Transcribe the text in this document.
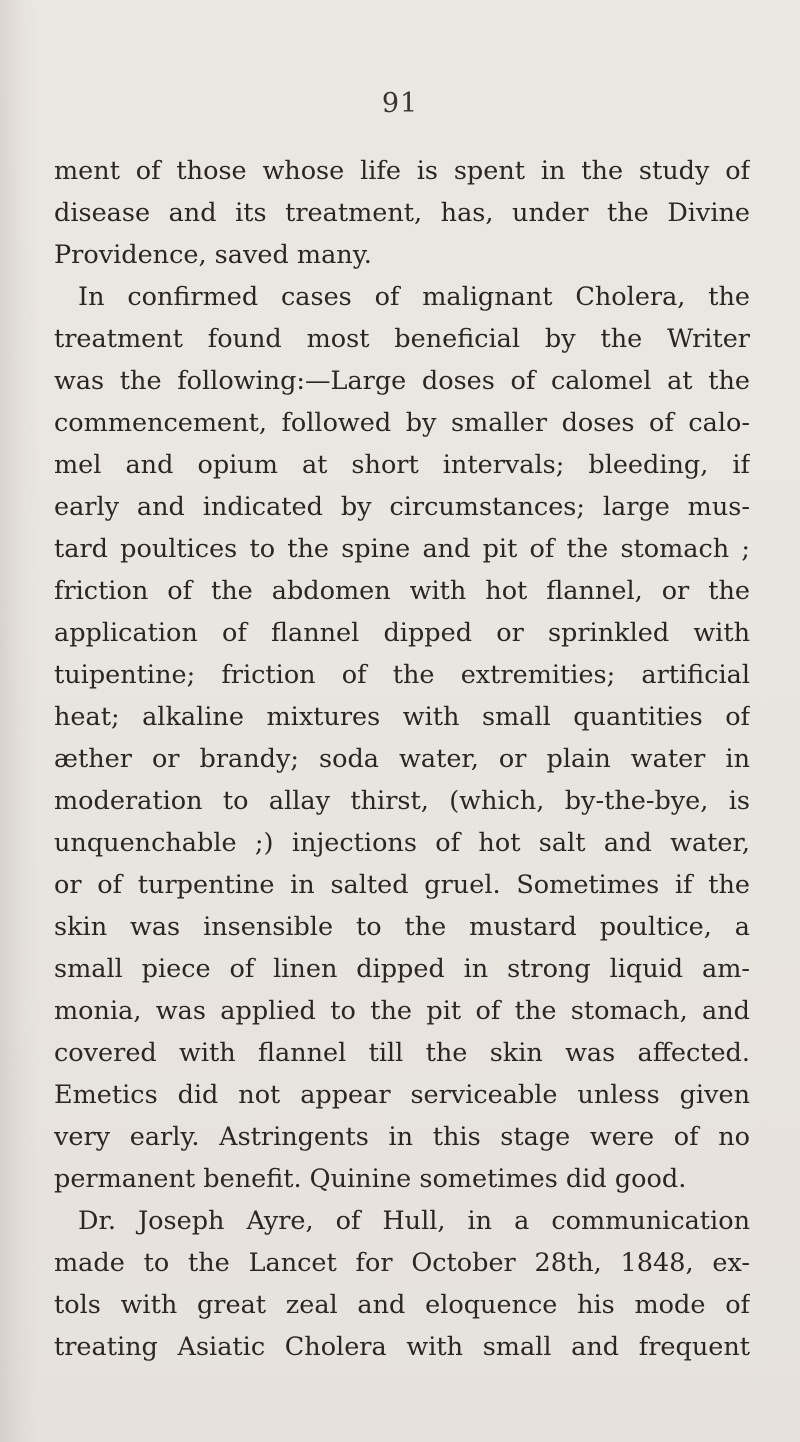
91
ment of those whose life is spent in the study of
disease and its treatment, has, under the Divine
Providence, saved many.
In confirmed cases of malignant Cholera, the
treatment found most beneficial by the Writer
was the following:—Large doses of calomel at the
commencement, followed by smaller doses of calo-
mel and opium at short intervals; bleeding, if
early and indicated by circumstances; large mus-
tard poultices to the spine and pit of the stomach ;
friction of the abdomen with hot flannel, or the
application of flannel dipped or sprinkled with
tuipentine; friction of the extremities; artificial
heat; alkaline mixtures with small quantities of
æther or brandy; soda water, or plain water in
moderation to allay thirst, (which, by-the-bye, is
unquenchable ;) injections of hot salt and water,
or of turpentine in salted gruel. Sometimes if the
skin was insensible to the mustard poultice, a
small piece of linen dipped in strong liquid am-
monia, was applied to the pit of the stomach, and
covered with flannel till the skin was affected.
Emetics did not appear serviceable unless given
very early. Astringents in this stage were of no
permanent benefit. Quinine sometimes did good.
Dr. Joseph Ayre, of Hull, in a communication
made to the Lancet for October 28th, 1848, ex-
tols with great zeal and eloquence his mode of
treating Asiatic Cholera with small and frequent
